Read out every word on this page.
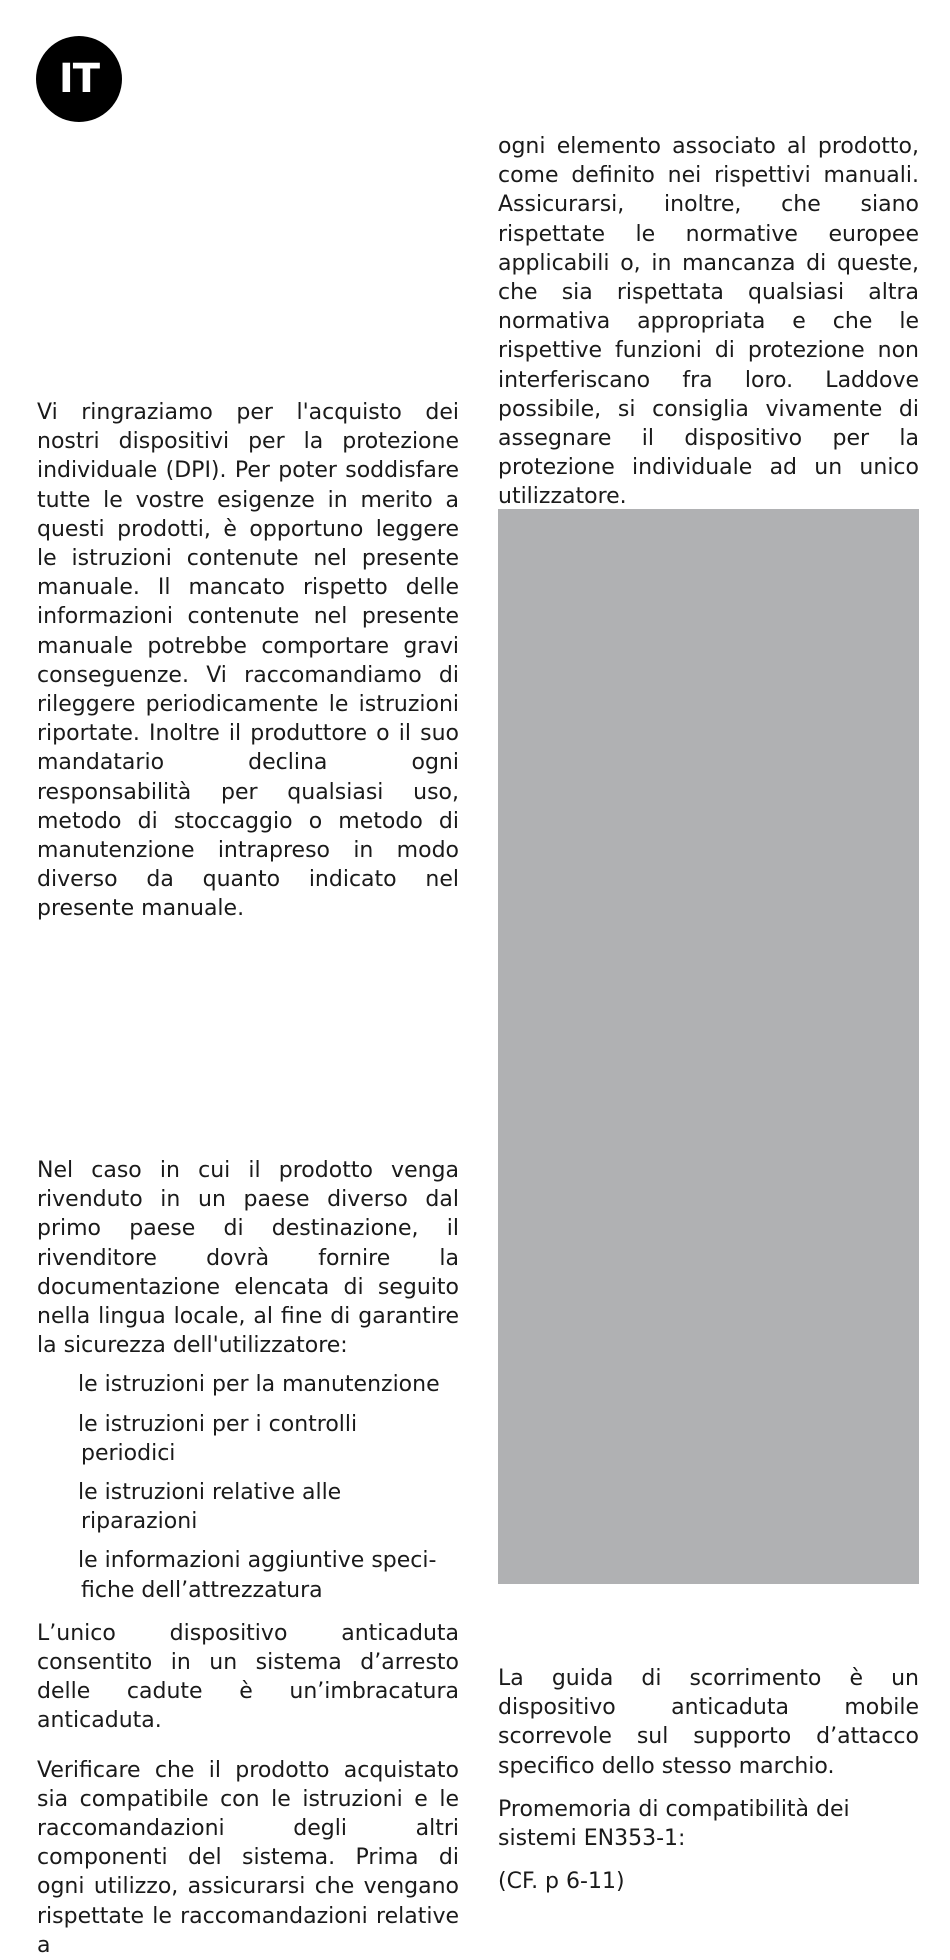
IT

Vi ringraziamo per l'acquisto dei nostri dispositivi per la protezione individuale (DPI). Per poter soddisfare tutte le vostre esigenze in merito a questi prodotti, è opportuno leggere le istruzioni contenute nel presente manuale. Il mancato rispetto delle informazioni contenute nel presente manuale potrebbe comportare gravi conseguenze. Vi raccomandiamo di rileggere periodicamente le istruzioni riportate. Inoltre il produttore o il suo mandatario declina ogni responsabilità per qualsiasi uso, metodo di stoccaggio o metodo di manutenzione intrapreso in modo diverso da quanto indicato nel presente manuale.

Nel caso in cui il prodotto venga rivenduto in un paese diverso dal primo paese di destinazione, il rivenditore dovrà fornire la documentazione elencata di seguito nella lingua locale, al fine di garantire la sicurezza dell'utilizzatore:

le istruzioni per la manutenzione
le istruzioni per i controlli
periodici
le istruzioni relative alle
riparazioni
le informazioni aggiuntive speci-
fiche dell’attrezzatura

L’unico dispositivo anticaduta consentito in un sistema d’arresto delle cadute è un’imbracatura anticaduta.

Verificare che il prodotto acquistato sia compatibile con le istruzioni e le raccomandazioni degli altri componenti del sistema. Prima di ogni utilizzo, assicurarsi che vengano rispettate le raccomandazioni relative a

ogni elemento associato al prodotto, come definito nei rispettivi manuali. Assicurarsi, inoltre, che siano rispettate le normative europee applicabili o, in mancanza di queste, che sia rispettata qualsiasi altra normativa appropriata e che le rispettive funzioni di protezione non interferiscano fra loro. Laddove possibile, si consiglia vivamente di assegnare il dispositivo per la protezione individuale ad un unico utilizzatore.

La guida di scorrimento è un dispositivo anticaduta mobile scorrevole sul supporto d’attacco specifico dello stesso marchio.

Promemoria di compatibilità dei sistemi EN353-1:

(CF. p 6-11)
